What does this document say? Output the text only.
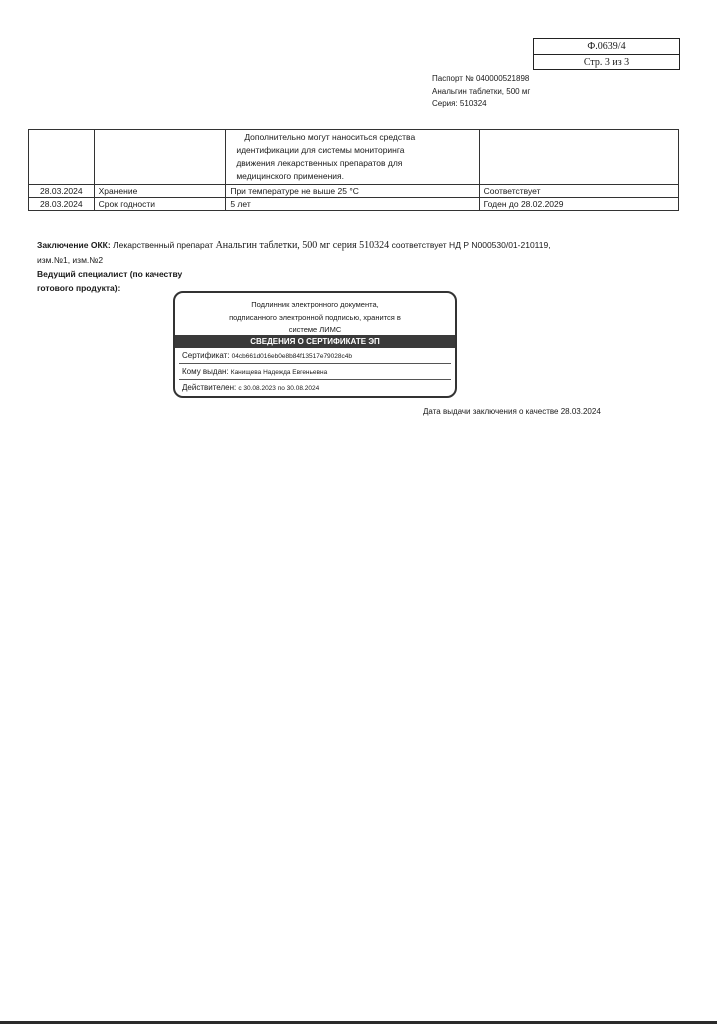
Ф.0639/4
Стр. 3 из 3
Паспорт № 040000521898
Анальгин таблетки, 500 мг
Серия: 510324

		Дополнительно могут наноситься средства
идентификации для системы мониторинга
движения лекарственных препаратов для
медицинского применения.	

28.03.2024	Хранение	При температуре не выше 25 °С	Соответствует
28.03.2024	Срок годности	5 лет	Годен до 28.02.2029
Заключение ОКК: Лекарственный препарат Анальгин таблетки, 500 мг серия 510324 соответствует НД Р N000530/01-210119,
изм.№1, изм.№2
Ведущий специалист (по качеству
готового продукта):
Подлинник электронного документа,
подписанного электронной подписью, хранится в
системе ЛИМС
СВЕДЕНИЯ О СЕРТИФИКАТЕ ЭП
Сертификат: 04cb661d016eb0e8b84f13517e79028c4b
Кому выдан: Канищева Надежда Евгеньевна
Действителен: с 30.08.2023 по 30.08.2024
Дата выдачи заключения о качестве 28.03.2024
